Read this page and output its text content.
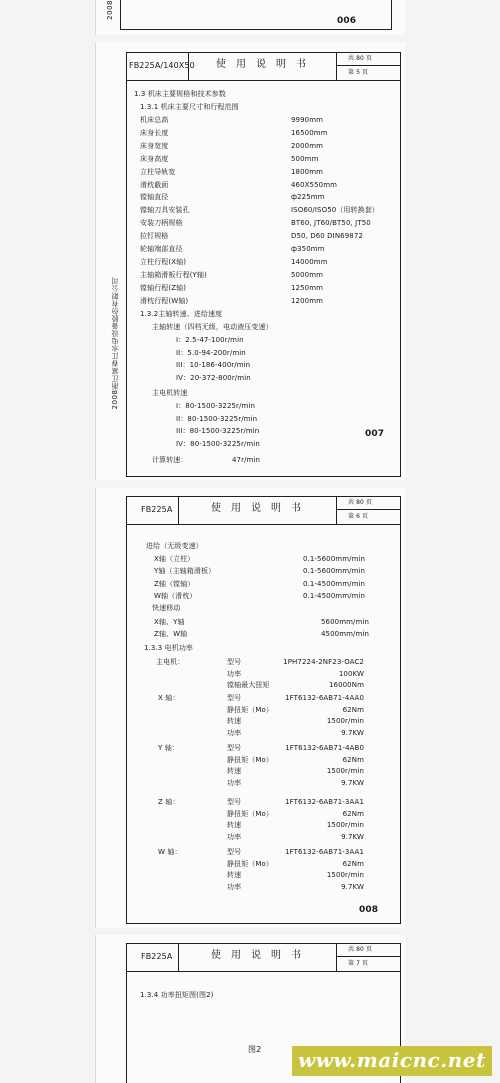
2008
006
2008浙江富春江水电设备股份有限公司
FB225A/140X50 使用说明书
共 80 页
第 5 页
1.3 机床主要规格和技术参数
1.3.1 机床主要尺寸和行程范围
机床总高	9990mm
床身长度	16500mm
床身宽度	2000mm
床身高度	500mm
立柱导轨宽	1800mm
滑枕截面	460X550mm
镗轴直径	ф225mm
镗轴刀具安装孔	ISO60/ISO50（用转换套）
安装刀柄规格	BT60, JT60/BT50, JT50
拉钉规格	D50, D60 DIN69872
轮轴端部直径	ф350mm
立柱行程(X轴)	14000mm
主轴箱滑板行程(Y轴)	5000mm
镗轴行程(Z轴)	1250mm
滑枕行程(W轴)	1200mm
1.3.2主轴转速、进给速度
主轴转速（四档无级，电动液压变速）
I：2.5-47-100r/min
II：5.0-94-200r/min
III：10-186-400r/min
IV：20-372-800r/min
主电机转速
I：80-1500-3225r/min
II：80-1500-3225r/min
III：80-1500-3225r/min
IV：80-1500-3225r/min
计算转速：	47r/min
007
FB225A	使用说明书
共 80 页
第 6 页
进给（无级变速）
X轴（立柱）	0.1-5600mm/min
Y轴（主轴箱滑板）	0.1-5600mm/min
Z轴（镗轴）	0.1-4500mm/min
W轴（滑枕）	0.1-4500mm/min
快速移动
X轴、Y轴	5600mm/min
Z轴、W轴	4500mm/min
1.3.3 电机功率
主电机：	型号	1PH7224-2NF23-OAC2
功率	100KW
镗轴最大扭矩	16000Nm
X 轴：	型号	1FT6132-6AB71-4AA0
静扭矩（Mo）	62Nm
转速	1500r/min
功率	9.7KW
Y 轴：	型号	1FT6132-6AB71-4AB0
静扭矩（Mo）	62Nm
转速	1500r/min
功率	9.7KW
Z 轴：	型号	1FT6132-6AB71-3AA1
静扭矩（Mo）	62Nm
转速	1500r/min
功率	9.7KW
W 轴：	型号	1FT6132-6AB71-3AA1
静扭矩（Mo）	62Nm
转速	1500r/min
功率	9.7KW
008
FB225A	使用说明书
共 80 页
第 7 页
1.3.4 功率扭矩图(图2)
图2 www.maicnc.net
